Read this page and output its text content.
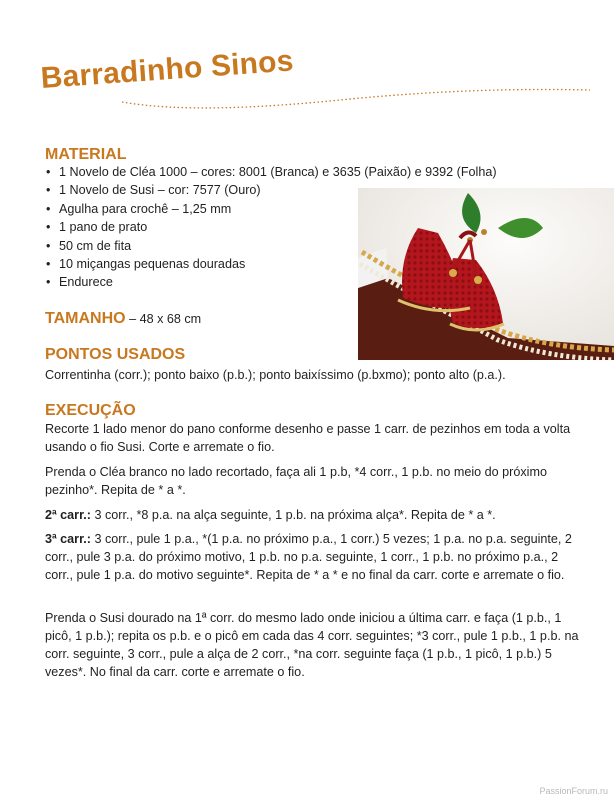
Barradinho Sinos
MATERIAL
• 1 Novelo de Cléa 1000 – cores: 8001 (Branca) e 3635 (Paixão) e 9392 (Folha)
• 1 Novelo de Susi – cor: 7577 (Ouro)
• Agulha para crochê – 1,25 mm
• 1 pano de prato
• 50 cm de fita
• 10 miçangas pequenas douradas
• Endurece

TAMANHO – 48 x 68 cm

PONTOS USADOS

Correntinha (corr.); ponto baixo (p.b.); ponto baixíssimo (p.bxmo); ponto alto (p.a.).

EXECUÇÃO

Recorte 1 lado menor do pano conforme desenho e passe 1 carr. de pezinhos em toda a volta usando o fio Susi. Corte e arremate o fio.

Prenda o Cléa branco no lado recortado, faça ali 1 p.b, *4 corr., 1 p.b. no meio do próximo pezinho*. Repita de * a *.

2ª carr.: 3 corr., *8 p.a. na alça seguinte, 1 p.b. na próxima alça*. Repita de * a *.

3ª carr.: 3 corr., pule 1 p.a., *(1 p.a. no próximo p.a., 1 corr.) 5 vezes; 1 p.a. no p.a. seguinte, 2 corr., pule 3 p.a. do próximo motivo, 1 p.b. no p.a. seguinte, 1 corr., 1 p.b. no próximo p.a., 2 corr., pule 1 p.a. do motivo seguinte*. Repita de * a * e no final da carr. corte e arremate o fio.

Prenda o Susi dourado na 1ª corr. do mesmo lado onde iniciou a última carr. e faça (1 p.b., 1 picô, 1 p.b.); repita os p.b. e o picô em cada das 4 corr. seguintes; *3 corr., pule 1 p.b., 1 p.b. na corr. seguinte, 3 corr., pule a alça de 2 corr., *na corr. seguinte faça (1 p.b., 1 picô, 1 p.b.) 5 vezes*. No final da carr. corte e arremate o fio.

PassionForum.ru
